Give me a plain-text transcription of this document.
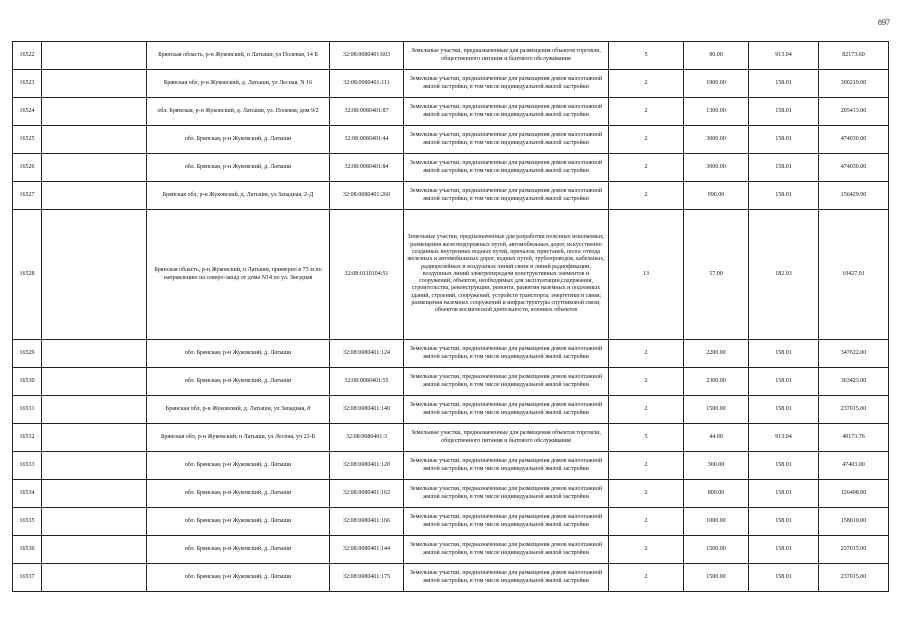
897
16522		Брянская область, р-н Жуковский, п Латыши, ул Полевая, 14 Б	32:08:0080401:603	Земельные участки, предназначенные для размещения объектов торговли, общественного питания и бытового обслуживания	5	90.00	913.04	82173.60
16523		Брянская обл, р-н Жуковский, д. Латыши, ул Лесная, N 16	32:08:0080401:111	Земельные участки, предназначенные для размещения домов малоэтажной жилой застройки, в том числе индивидуальной жилой застройки	2	1900.00	158.01	300219.00
16524		обл. Брянская, р-н Жуковский, д. Латыши, ул. Полевая, дом 9/2	32:08:0080401:87	Земельные участки, предназначенные для размещения домов малоэтажной жилой застройки, в том числе индивидуальной жилой застройки	2	1300.00	158.01	205413.00
16525		обл. Брянская, р-н Жуковский, д. Латыши	32:08:0080401:44	Земельные участки, предназначенные для размещения домов малоэтажной жилой застройки, в том числе индивидуальной жилой застройки	2	3000.00	158.01	474030.00
16526		обл. Брянская, р-н Жуковский, д. Латыши	32:08:0080401:84	Земельные участки, предназначенные для размещения домов малоэтажной жилой застройки, в том числе индивидуальной жилой застройки	2	3000.00	158.01	474030.00
16527		Брянская обл, р-н Жуковский, д. Латыши, ул Западная, 2-Д	32:08:0080401:260	Земельные участки, предназначенные для размещения домов малоэтажной жилой застройки, в том числе индивидуальной жилой застройки	2	990.00	158.01	156429.90
16528		Брянская область, р-н Жуковский, п Латыши, примерно в 75 м по направлению на северо-запад от дома N14 по ул. Звездная	32:08:0110104:51	Земельные участки, предназначенные для разработки полезных ископаемых, размещения железнодорожных путей, автомобильных дорог, искусственно созданных внутренних водных путей, причалов, пристаней, полос отвода железных и автомобильных дорог, водных путей, трубопроводов, кабельных, радиорелейных и воздушных линий связи и линий радиофикации, воздушных линий электропередачи конструктивных элементов и сооружений, объектов, необходимых для эксплуатации,содержания, строительства, реконструкции, ремонта, развития наземных и подземных зданий, строений, сооружений, устройств транспорта, энергетики и связи; размещения наземных сооружений и инфраструктуры спутниковой связи, объектов космической деятельности, военных объектов	13	57.00	182.93	10427.01
16529		обл. Брянская, р-н Жуковский, д. Латыши	32:08:0080401:124	Земельные участки, предназначенные для размещения домов малоэтажной жилой застройки, в том числе индивидуальной жилой застройки	2	2200.00	158.01	347622.00
16530		обл. Брянская, р-н Жуковский, д. Латыши	32:08:0080401:55	Земельные участки, предназначенные для размещения домов малоэтажной жилой застройки, в том числе индивидуальной жилой застройки	2	2300.00	158.01	363423.00
16531		Брянская обл, р-н Жуковский, д. Латыши, ул Западная, 8	32:08:0080401:140	Земельные участки, предназначенные для размещения домов малоэтажной жилой застройки, в том числе индивидуальной жилой застройки	2	1500.00	158.01	237015.00
16532		Брянская обл, р-н Жуковский, п Латыши, ул Лесная, уч 23-Б	32:08:0080401:3	Земельные участки, предназначенные для размещения объектов торговли, общественного питания и бытового обслуживания	5	44.00	913.04	40173.76
16533		обл. Брянская, р-н Жуковский, д. Латыши	32:08:0080401:120	Земельные участки, предназначенные для размещения домов малоэтажной жилой застройки, в том числе индивидуальной жилой застройки	2	300.00	158.01	47403.00
16534		обл. Брянская, р-н Жуковский, д. Латыши	32:08:0080401:162	Земельные участки, предназначенные для размещения домов малоэтажной жилой застройки, в том числе индивидуальной жилой застройки	2	800.00	158.01	126408.00
16535		обл. Брянская, р-н Жуковский, д. Латыши	32:08:0080401:166	Земельные участки, предназначенные для размещения домов малоэтажной жилой застройки, в том числе индивидуальной жилой застройки	2	1000.00	158.01	158010.00
16536		обл. Брянская, р-н Жуковский, д. Латыши	32:08:0080401:144	Земельные участки, предназначенные для размещения домов малоэтажной жилой застройки, в том числе индивидуальной жилой застройки	2	1500.00	158.01	237015.00
16537		обл. Брянская, р-н Жуковский, д. Латыши	32:08:0080401:175	Земельные участки, предназначенные для размещения домов малоэтажной жилой застройки, в том числе индивидуальной жилой застройки	2	1500.00	158.01	237015.00
